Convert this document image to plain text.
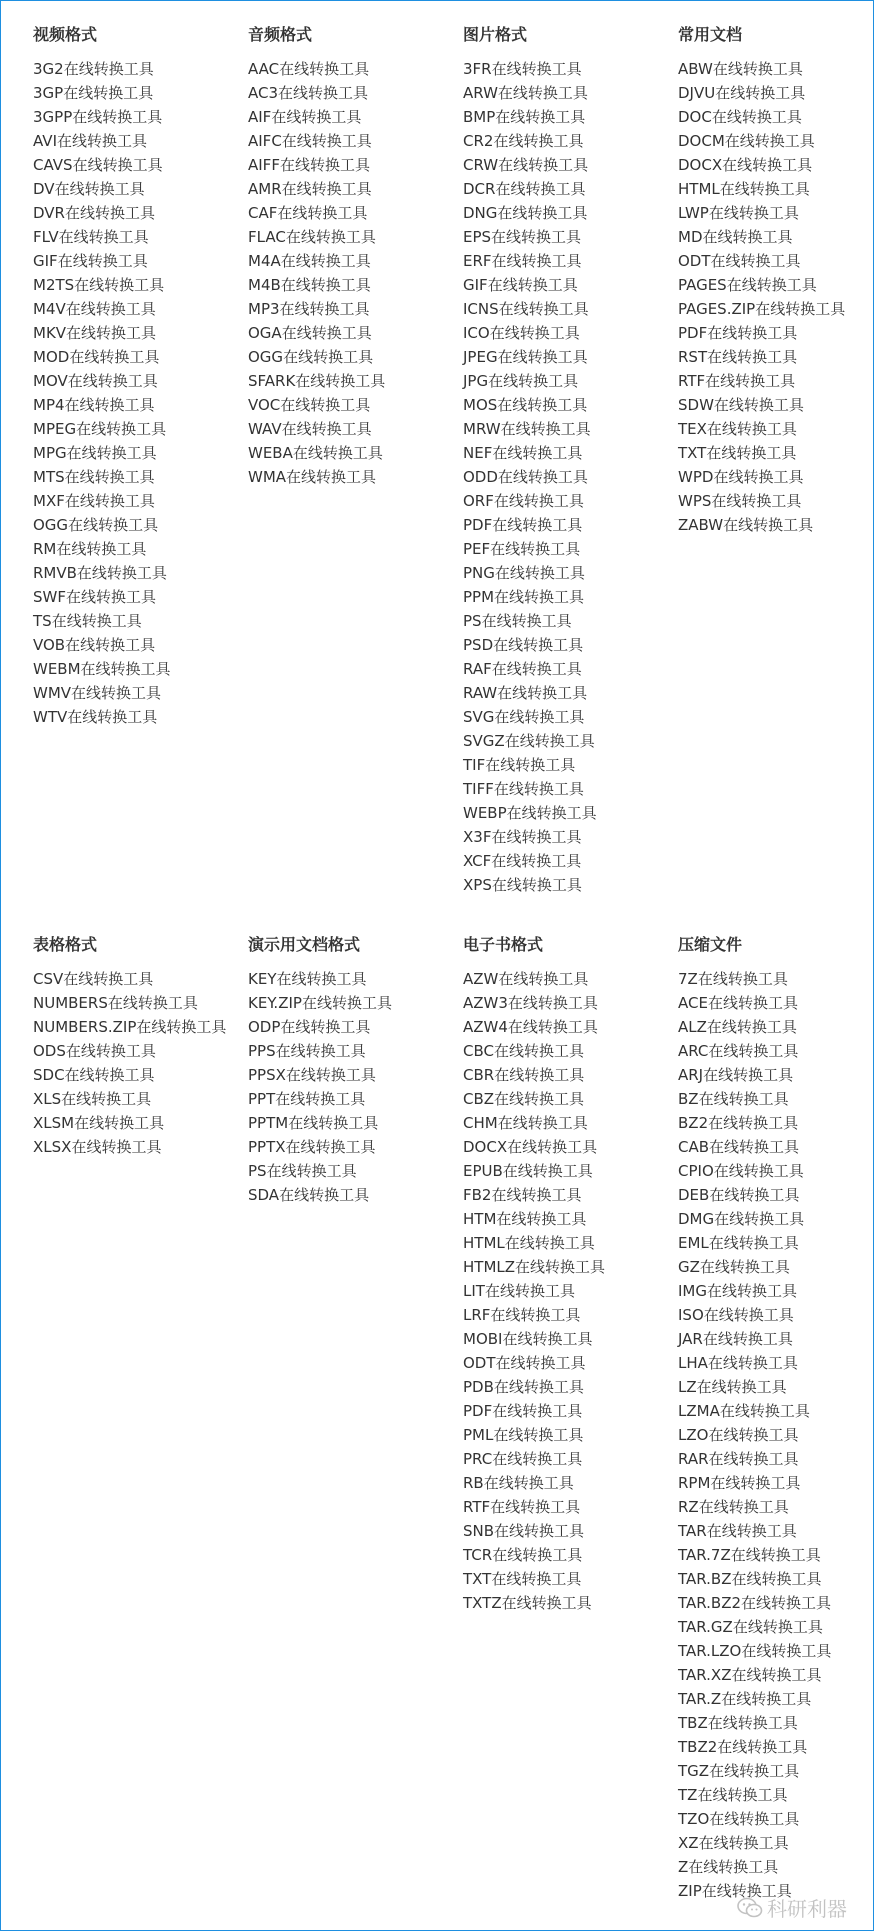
视频格式
3G2在线转换工具
3GP在线转换工具
3GPP在线转换工具
AVI在线转换工具
CAVS在线转换工具
DV在线转换工具
DVR在线转换工具
FLV在线转换工具
GIF在线转换工具
M2TS在线转换工具
M4V在线转换工具
MKV在线转换工具
MOD在线转换工具
MOV在线转换工具
MP4在线转换工具
MPEG在线转换工具
MPG在线转换工具
MTS在线转换工具
MXF在线转换工具
OGG在线转换工具
RM在线转换工具
RMVB在线转换工具
SWF在线转换工具
TS在线转换工具
VOB在线转换工具
WEBM在线转换工具
WMV在线转换工具
WTV在线转换工具
音频格式
AAC在线转换工具
AC3在线转换工具
AIF在线转换工具
AIFC在线转换工具
AIFF在线转换工具
AMR在线转换工具
CAF在线转换工具
FLAC在线转换工具
M4A在线转换工具
M4B在线转换工具
MP3在线转换工具
OGA在线转换工具
OGG在线转换工具
SFARK在线转换工具
VOC在线转换工具
WAV在线转换工具
WEBA在线转换工具
WMA在线转换工具
图片格式
3FR在线转换工具
ARW在线转换工具
BMP在线转换工具
CR2在线转换工具
CRW在线转换工具
DCR在线转换工具
DNG在线转换工具
EPS在线转换工具
ERF在线转换工具
GIF在线转换工具
ICNS在线转换工具
ICO在线转换工具
JPEG在线转换工具
JPG在线转换工具
MOS在线转换工具
MRW在线转换工具
NEF在线转换工具
ODD在线转换工具
ORF在线转换工具
PDF在线转换工具
PEF在线转换工具
PNG在线转换工具
PPM在线转换工具
PS在线转换工具
PSD在线转换工具
RAF在线转换工具
RAW在线转换工具
SVG在线转换工具
SVGZ在线转换工具
TIF在线转换工具
TIFF在线转换工具
WEBP在线转换工具
X3F在线转换工具
XCF在线转换工具
XPS在线转换工具
常用文档
ABW在线转换工具
DJVU在线转换工具
DOC在线转换工具
DOCM在线转换工具
DOCX在线转换工具
HTML在线转换工具
LWP在线转换工具
MD在线转换工具
ODT在线转换工具
PAGES在线转换工具
PAGES.ZIP在线转换工具
PDF在线转换工具
RST在线转换工具
RTF在线转换工具
SDW在线转换工具
TEX在线转换工具
TXT在线转换工具
WPD在线转换工具
WPS在线转换工具
ZABW在线转换工具
表格格式
CSV在线转换工具
NUMBERS在线转换工具
NUMBERS.ZIP在线转换工具
ODS在线转换工具
SDC在线转换工具
XLS在线转换工具
XLSM在线转换工具
XLSX在线转换工具
演示用文档格式
KEY在线转换工具
KEY.ZIP在线转换工具
ODP在线转换工具
PPS在线转换工具
PPSX在线转换工具
PPT在线转换工具
PPTM在线转换工具
PPTX在线转换工具
PS在线转换工具
SDA在线转换工具
电子书格式
AZW在线转换工具
AZW3在线转换工具
AZW4在线转换工具
CBC在线转换工具
CBR在线转换工具
CBZ在线转换工具
CHM在线转换工具
DOCX在线转换工具
EPUB在线转换工具
FB2在线转换工具
HTM在线转换工具
HTML在线转换工具
HTMLZ在线转换工具
LIT在线转换工具
LRF在线转换工具
MOBI在线转换工具
ODT在线转换工具
PDB在线转换工具
PDF在线转换工具
PML在线转换工具
PRC在线转换工具
RB在线转换工具
RTF在线转换工具
SNB在线转换工具
TCR在线转换工具
TXT在线转换工具
TXTZ在线转换工具
压缩文件
7Z在线转换工具
ACE在线转换工具
ALZ在线转换工具
ARC在线转换工具
ARJ在线转换工具
BZ在线转换工具
BZ2在线转换工具
CAB在线转换工具
CPIO在线转换工具
DEB在线转换工具
DMG在线转换工具
EML在线转换工具
GZ在线转换工具
IMG在线转换工具
ISO在线转换工具
JAR在线转换工具
LHA在线转换工具
LZ在线转换工具
LZMA在线转换工具
LZO在线转换工具
RAR在线转换工具
RPM在线转换工具
RZ在线转换工具
TAR在线转换工具
TAR.7Z在线转换工具
TAR.BZ在线转换工具
TAR.BZ2在线转换工具
TAR.GZ在线转换工具
TAR.LZO在线转换工具
TAR.XZ在线转换工具
TAR.Z在线转换工具
TBZ在线转换工具
TBZ2在线转换工具
TGZ在线转换工具
TZ在线转换工具
TZO在线转换工具
XZ在线转换工具
Z在线转换工具
ZIP在线转换工具
科研利器
